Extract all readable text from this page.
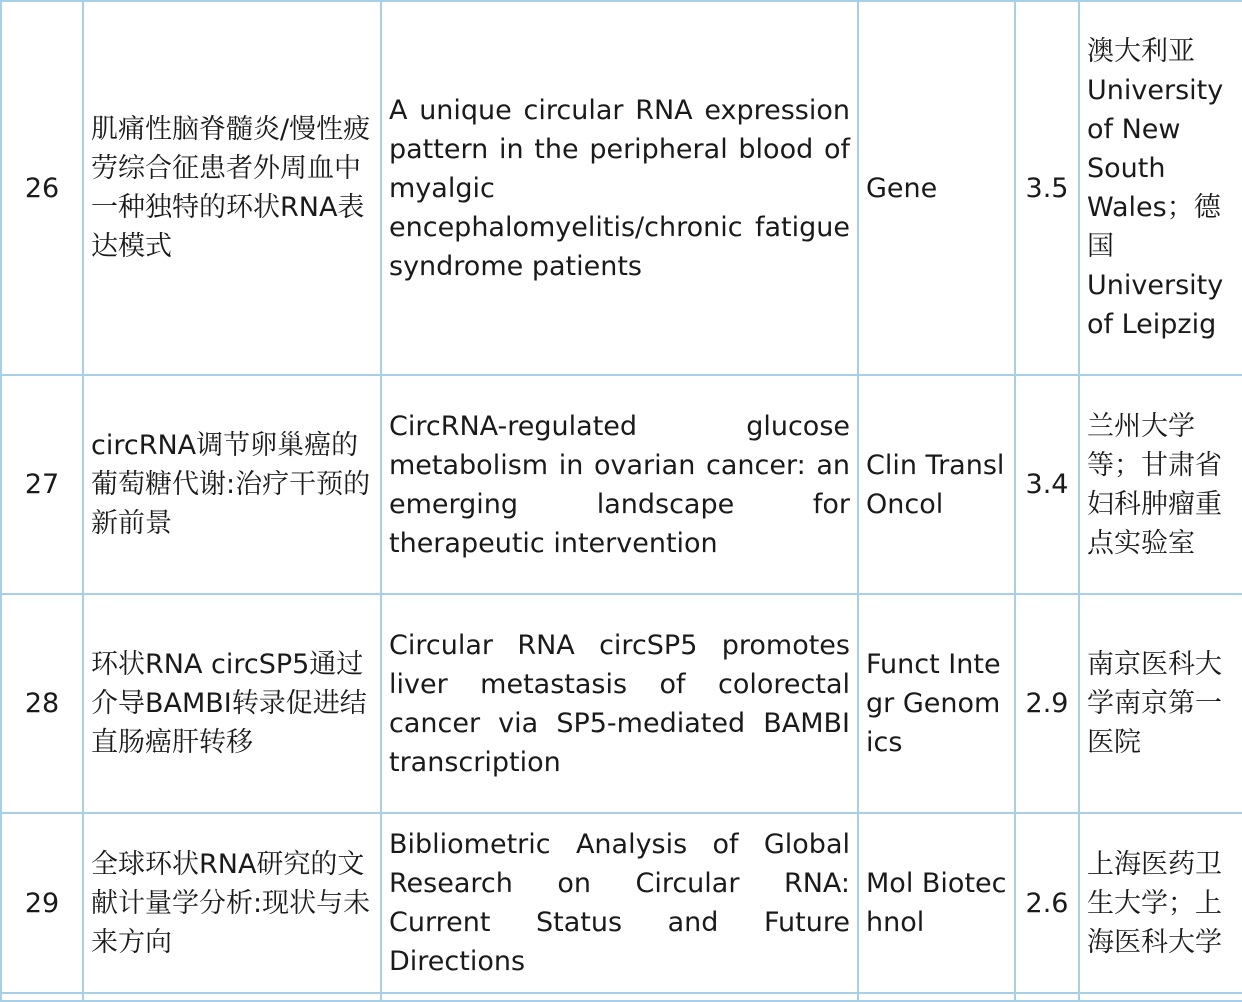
26	肌痛性脑脊髓炎/慢性疲劳综合征患者外周血中一种独特的环状RNA表达模式	A unique circular RNA expression pattern in the peripheral blood of myalgic encephalomyelitis/chronic fatigue syndrome patients	Gene	3.5	澳大利亚University of New South Wales；德国University of Leipzig
27	circRNA调节卵巢癌的葡萄糖代谢:治疗干预的新前景	CircRNA-regulated glucose metabolism in ovarian cancer: an emerging landscape for therapeutic intervention	Clin Transl Oncol	3.4	兰州大学等；甘肃省妇科肿瘤重点实验室
28	环状RNA circSP5通过介导BAMBI转录促进结直肠癌肝转移	Circular RNA circSP5 promotes liver metastasis of colorectal cancer via SP5-mediated BAMBI transcription	Funct Integr Genomics	2.9	南京医科大学南京第一医院
29	全球环状RNA研究的文献计量学分析:现状与未来方向	Bibliometric Analysis of Global Research on Circular RNA: Current Status and Future Directions	Mol Biotechnol	2.6	上海医药卫生大学；上海医科大学
